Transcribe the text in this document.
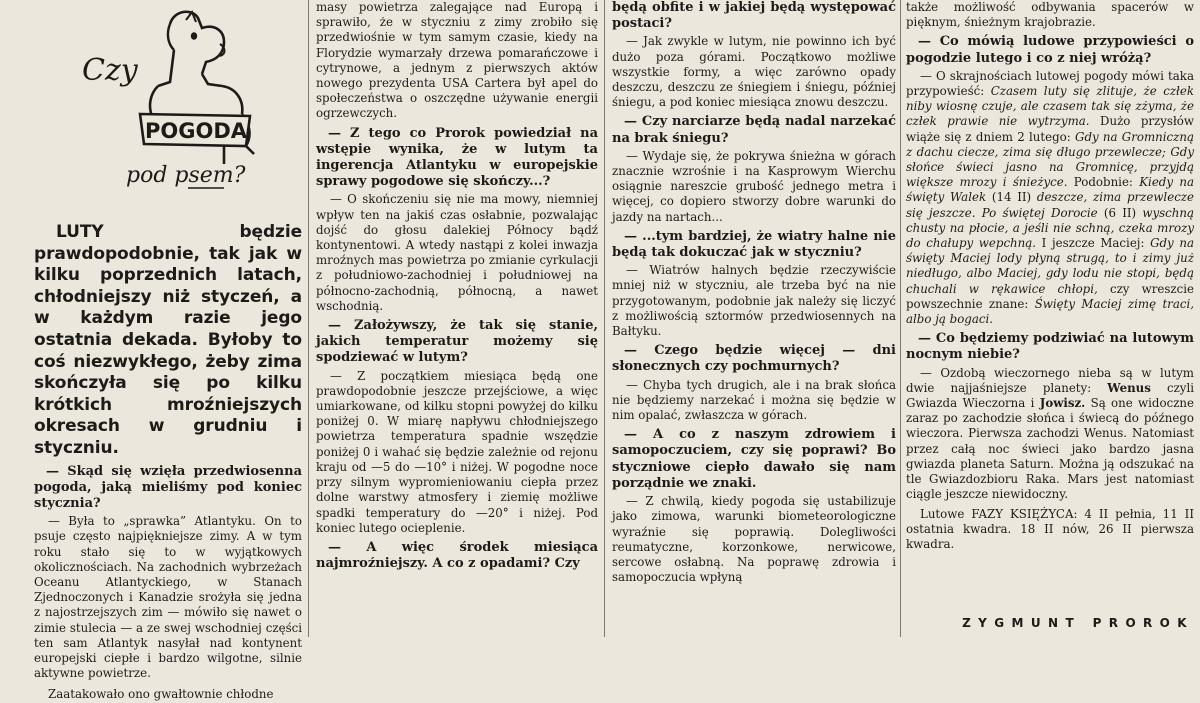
POGODA
Czy
pod psem?

LUTY będzie prawdopodobnie, tak jak w kilku poprzednich latach, chłodniejszy niż styczeń, a w każdym razie jego ostatnia dekada. Byłoby to coś niezwykłego, żeby zima skończyła się po kilku krótkich mroźniejszych okresach w grudniu i styczniu.

— Skąd się wzięła przedwiosenna pogoda, jaką mieliśmy pod koniec stycznia?

— Była to „sprawka” Atlantyku. On to psuje często najpiękniejsze zimy. A w tym roku stało się to w wyjątkowych okolicznościach. Na zachodnich wybrzeżach Oceanu Atlantyckiego, w Stanach Zjednoczonych i Kanadzie srożyła się jedna z najostrzejszych zim — mówiło się nawet o zimie stulecia — a ze swej wschodniej części ten sam Atlantyk nasyłał nad kontynent europejski ciepłe i bardzo wilgotne, silnie aktywne powietrze.

Zaatakowało ono gwałtownie chłodne

masy powietrza zalegające nad Europą i sprawiło, że w styczniu z zimy zrobiło się przedwiośnie w tym samym czasie, kiedy na Florydzie wymarzały drzewa pomarańczowe i cytrynowe, a jednym z pierwszych aktów nowego prezydenta USA Cartera był apel do społeczeństwa o oszczędne używanie energii ogrzewczych.

— Z tego co Prorok powiedział na wstępie wynika, że w lutym ta ingerencja Atlantyku w europejskie sprawy pogodowe się skończy...?

— O skończeniu się nie ma mowy, niemniej wpływ ten na jakiś czas osłabnie, pozwalając dojść do głosu dalekiej Północy bądź kontynentowi. A wtedy nastąpi z kolei inwazja mroźnych mas powietrza po zmianie cyrkulacji z południowo-zachodniej i południowej na północno-zachodnią, północną, a nawet wschodnią.

— Założywszy, że tak się stanie, jakich temperatur możemy się spodziewać w lutym?

— Z początkiem miesiąca będą one prawdopodobnie jeszcze przejściowe, a więc umiarkowane, od kilku stopni powyżej do kilku poniżej 0. W miarę napływu chłodniejszego powietrza temperatura spadnie wszędzie poniżej 0 i wahać się będzie zależnie od rejonu kraju od —5 do —10° i niżej. W pogodne noce przy silnym wypromieniowaniu ciepła przez dolne warstwy atmosfery i ziemię możliwe spadki temperatury do —20° i niżej. Pod koniec lutego ocieplenie.

— A więc środek miesiąca najmroźniejszy. A co z opadami? Czy

będą obfite i w jakiej będą występować postaci?

— Jak zwykle w lutym, nie powinno ich być dużo poza górami. Początkowo możliwe wszystkie formy, a więc zarówno opady deszczu, deszczu ze śniegiem i śniegu, później śniegu, a pod koniec miesiąca znowu deszczu.

— Czy narciarze będą nadal narzekać na brak śniegu?

— Wydaje się, że pokrywa śnieżna w górach znacznie wzrośnie i na Kasprowym Wierchu osiągnie nareszcie grubość jednego metra i więcej, co dopiero stworzy dobre warunki do jazdy na nartach...

— ...tym bardziej, że wiatry halne nie będą tak dokuczać jak w styczniu?

— Wiatrów halnych będzie rzeczywiście mniej niż w styczniu, ale trzeba być na nie przygotowanym, podobnie jak należy się liczyć z możliwością sztormów przedwiosennych na Bałtyku.

— Czego będzie więcej — dni słonecznych czy pochmurnych?

— Chyba tych drugich, ale i na brak słońca nie będziemy narzekać i można się będzie w nim opalać, zwłaszcza w górach.

— A co z naszym zdrowiem i samopoczuciem, czy się poprawi? Bo styczniowe ciepło dawało się nam porządnie we znaki.

— Z chwilą, kiedy pogoda się ustabilizuje jako zimowa, warunki biometeorologiczne wyraźnie się poprawią. Dolegliwości reumatyczne, korzonkowe, nerwicowe, sercowe osłabną. Na poprawę zdrowia i samopoczucia wpłyną

także możliwość odbywania spacerów w pięknym, śnieżnym krajobrazie.

— Co mówią ludowe przypowieści o pogodzie lutego i co z niej wróżą?

— O skrajnościach lutowej pogody mówi taka przypowieść: Czasem luty się zlituje, że człek niby wiosnę czuje, ale czasem tak się zżyma, że człek prawie nie wytrzyma. Dużo przysłów wiąże się z dniem 2 lutego: Gdy na Gromniczną z dachu ciecze, zima się długo przewlecze; Gdy słońce świeci jasno na Gromnicę, przyjdą większe mrozy i śnieżyce. Podobnie: Kiedy na święty Walek (14 II) deszcze, zima przewlecze się jeszcze. Po świętej Dorocie (6 II) wyschną chusty na płocie, a jeśli nie schną, czeka mrozy do chałupy wepchną. I jeszcze Maciej: Gdy na święty Maciej lody płyną strugą, to i zimy już niedługo, albo Maciej, gdy lodu nie stopi, będą chuchali w rękawice chłopi, czy wreszcie powszechnie znane: Święty Maciej zimę traci, albo ją bogaci.

— Co będziemy podziwiać na lutowym nocnym niebie?

— Ozdobą wieczornego nieba są w lutym dwie najjaśniejsze planety: Wenus czyli Gwiazda Wieczorna i Jowisz. Są one widoczne zaraz po zachodzie słońca i świecą do późnego wieczora. Pierwsza zachodzi Wenus. Natomiast przez całą noc świeci jako bardzo jasna gwiazda planeta Saturn. Można ją odszukać na tle Gwiazdozbioru Raka. Mars jest natomiast ciągle jeszcze niewidoczny.

Lutowe FAZY KSIĘŻYCA: 4 II pełnia, 11 II ostatnia kwadra. 18 II nów, 26 II pierwsza kwadra.

ZYGMUNT PROROK
